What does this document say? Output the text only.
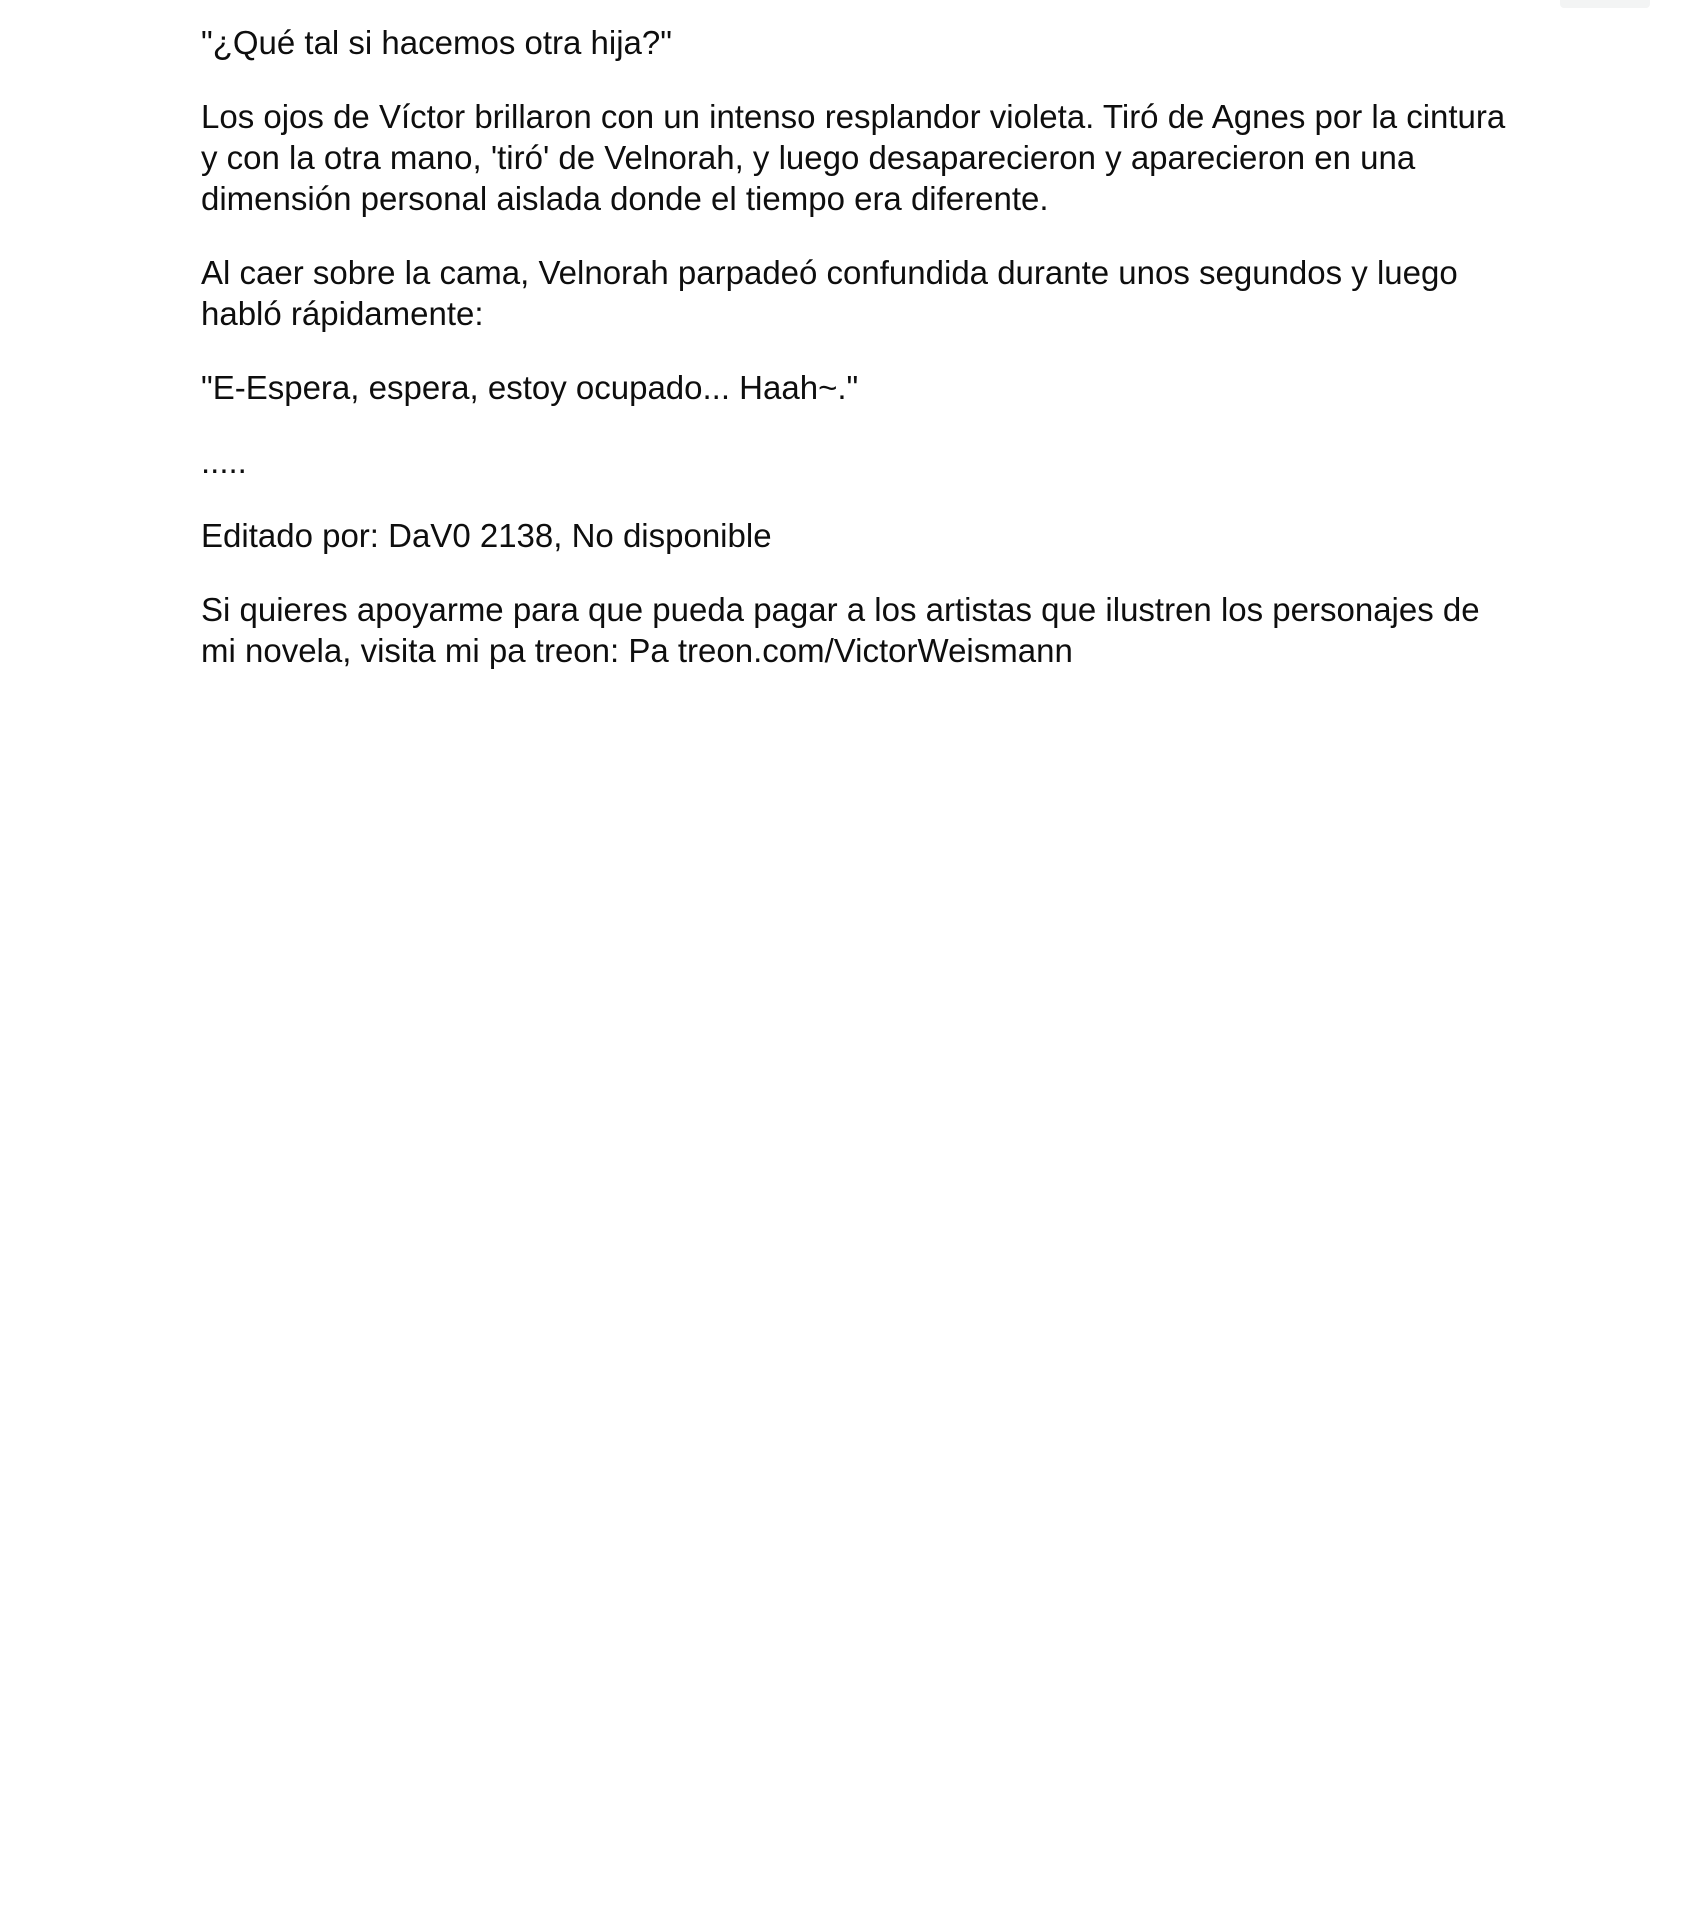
"¿Qué tal si hacemos otra hija?"

Los ojos de Víctor brillaron con un intenso resplandor violeta. Tiró de Agnes por la cintura y con la otra mano, 'tiró' de Velnorah, y luego desaparecieron y aparecieron en una dimensión personal aislada donde el tiempo era diferente.

Al caer sobre la cama, Velnorah parpadeó confundida durante unos segundos y luego habló rápidamente:

"E-Espera, espera, estoy ocupado... Haah~."

.....

Editado por: DaV0 2138, No disponible

Si quieres apoyarme para que pueda pagar a los artistas que ilustren los personajes de mi novela, visita mi pa treon: Pa treon.com/VictorWeismann
